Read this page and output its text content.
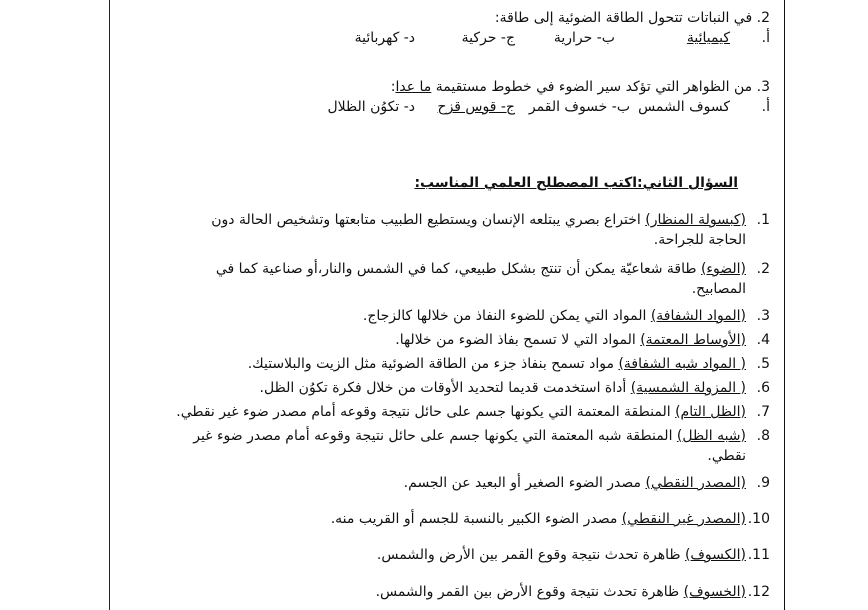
2. في النباتات تتحول الطاقة الضوئية إلى طاقة:
أ.
كيميائية
ب- حرارية
ج- حركية
د- كهربائية
3. من الظواهر التي تؤكد سير الضوء في خطوط مستقيمة ما عدا:
أ.
كسوف الشمس
ب- خسوف القمر
ج- قوس قزح
د- تكوُن الظلال
السؤال الثاني:اكتب المصطلح العلمي المناسب:
1.(كبسولة المنظار) اختراع بصري يبتلعه الإنسان ويستطيع الطبيب متابعتها وتشخيص الحالة دون
الحاجة للجراحة.
2.(الضوء) طاقة شعاعيّة يمكن أن تنتج بشكل طبيعي، كما في الشمس والنار،أو صناعية كما في
المصابيح.
3.(المواد الشفافة) المواد التي يمكن للضوء النفاذ من خلالها كالزجاج.
4.(الأوساط المعتمة) المواد التي لا تسمح بفاذ الضوء من خلالها.
5.( المواد شبه الشفافة) مواد تسمح بنفاذ جزء من الطاقة الضوئية مثل الزيت والبلاستيك.
6.( المزولة الشمسية) أداة استخدمت قديما لتحديد الأوقات من خلال فكرة تكوُن الظل.
7.(الظل التام) المنطقة المعتمة التي يكونها جسم على حائل نتيجة وقوعه أمام مصدر ضوء غير نقطي.
8.(شبه الظل) المنطقة شبه المعتمة التي يكونها جسم على حائل نتيجة وقوعه أمام مصدر ضوء غير
نقطي.
9.(المصدر النقطي) مصدر الضوء الصغير أو البعيد عن الجسم.
10.(المصدر غير النقطي) مصدر الضوء الكبير بالنسبة للجسم أو القريب منه.
11.(الكسوف) ظاهرة تحدث نتيجة وقوع القمر بين الأرض والشمس.
12.(الخسوف) ظاهرة تحدث نتيجة وقوع الأرض بين القمر والشمس.
